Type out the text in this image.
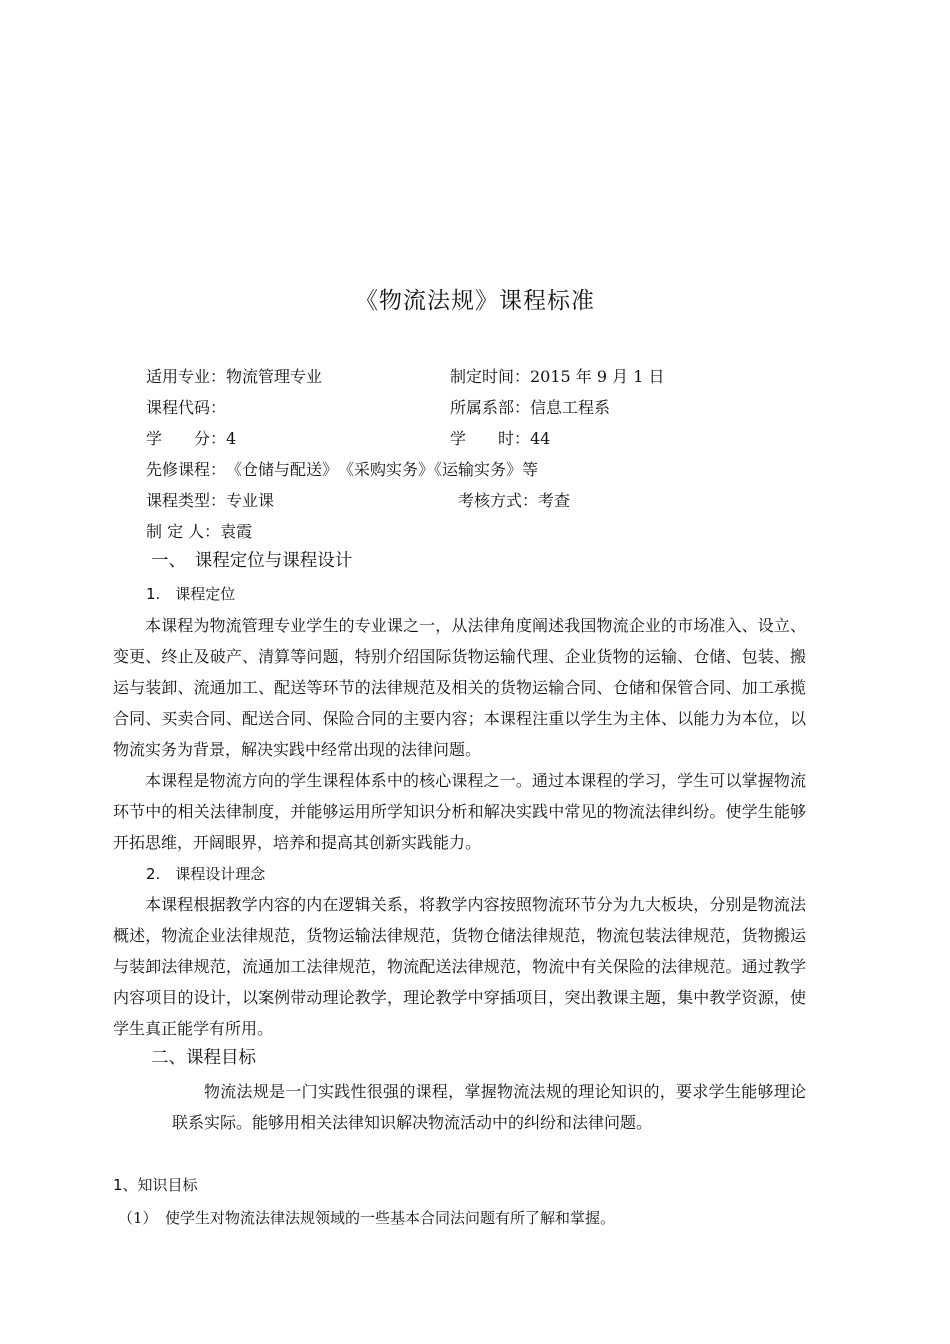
《物流法规》课程标准
适用专业：物流管理专业	制定时间：2015 年 9 月 1 日
课程代码：	所属系部：信息工程系
学　　分：4	学　　时：44
先修课程：　《仓储与配送》　《采购实务》《运输实务》等
课程类型：专业课	考核方式：考查
制 定 人：袁霞
一、　课程定位与课程设计
1.　课程定位

本课程为物流管理专业学生的专业课之一，从法律角度阐述我国物流企业的市场准入、设立、变更、终止及破产、清算等问题，特别介绍国际货物运输代理、企业货物的运输、仓储、包装、搬运与装卸、流通加工、配送等环节的法律规范及相关的货物运输合同、仓储和保管合同、加工承揽合同、买卖合同、配送合同、保险合同的主要内容；本课程注重以学生为主体、以能力为本位，以物流实务为背景，解决实践中经常出现的法律问题。

本课程是物流方向的学生课程体系中的核心课程之一。通过本课程的学习，学生可以掌握物流环节中的相关法律制度，并能够运用所学知识分析和解决实践中常见的物流法律纠纷。使学生能够开拓思维，开阔眼界，培养和提高其创新实践能力。

2.　课程设计理念

本课程根据教学内容的内在逻辑关系，将教学内容按照物流环节分为九大板块，分别是物流法概述，物流企业法律规范，货物运输法律规范，货物仓储法律规范，物流包装法律规范，货物搬运与装卸法律规范，流通加工法律规范，物流配送法律规范，物流中有关保险的法律规范。通过教学内容项目的设计，以案例带动理论教学，理论教学中穿插项目，突出教课主题，集中教学资源，使学生真正能学有所用。

二、课程目标

物流法规是一门实践性很强的课程，掌握物流法规的理论知识的，要求学生能够理论联系实际。能够用相关法律知识解决物流活动中的纠纷和法律问题。

1、知识目标
（1）　使学生对物流法律法规领域的一些基本合同法问题有所了解和掌握。
